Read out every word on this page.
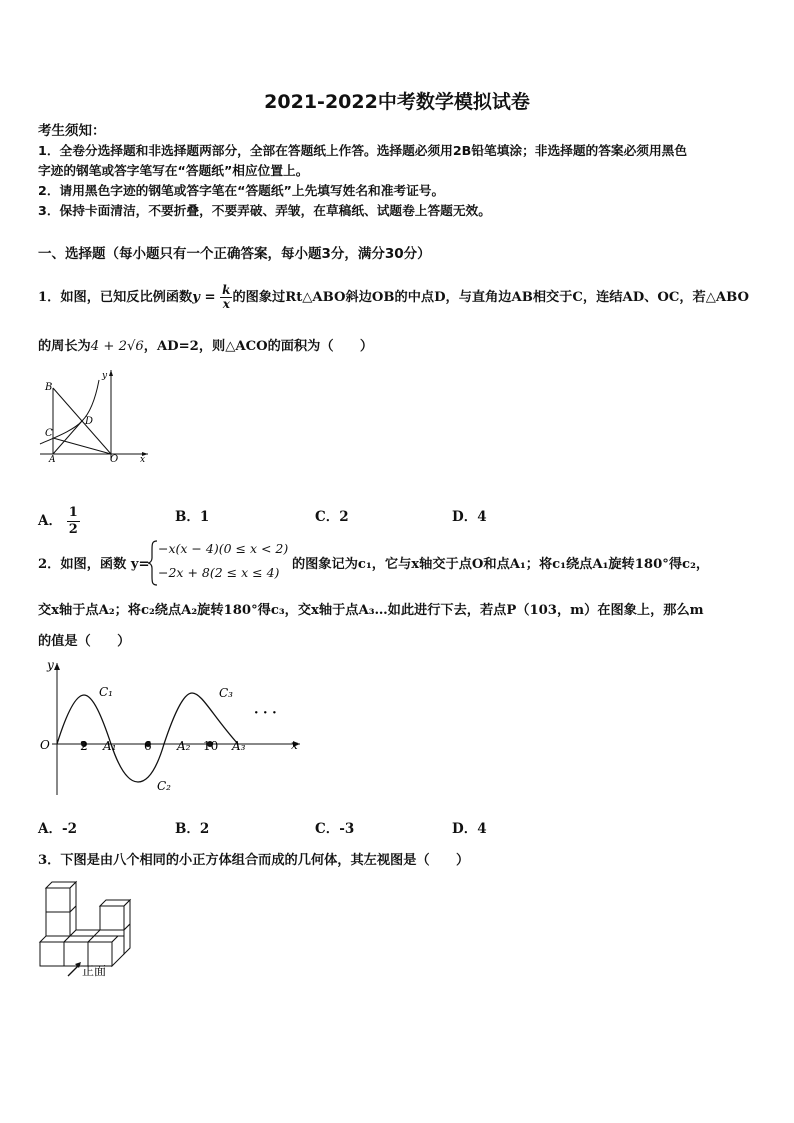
2021-2022中考数学模拟试卷
考生须知：
1．全卷分选择题和非选择题两部分，全部在答题纸上作答。选择题必须用2B铅笔填涂；非选择题的答案必须用黑色
字迹的钢笔或答字笔写在“答题纸”相应位置上。
2．请用黑色字迹的钢笔或答字笔在“答题纸”上先填写姓名和准考证号。
3．保持卡面清洁，不要折叠，不要弄破、弄皱，在草稿纸、试题卷上答题无效。
一、选择题（每小题只有一个正确答案，每小题3分，满分30分）
1．如图，已知反比例函数$y = \frac{k}{x}$ 的图象过Rt△ABO斜边OB的中点D，与直角边AB相交于C，连结AD、OC，若△ABO
的周长为4 + 2√6，AD=2，则△ACO的面积为（　　）
B
C
D
A	O x
y
A． $\frac{1}{2}$	B．1	C．2	D．4
2．如图，函数 y=
−x(x − 4)(0 ≤ x < 2)
−2x + 8(2 ≤ x ≤ 4)
的图象记为c₁，它与x轴交于点O和点A₁；将c₁绕点A₁旋转180°得c₂，
交x轴于点A₂；将c₂绕点A₂旋转180°得c₃，交x轴于点A₃…如此进行下去，若点P（103，m）在图象上，那么m
的值是（　　）
y
x
O	2	6	10
A₁	A₂	A₃
C₁
C₂
C₃
· · ·
A．-2	B．2	C．-3	D．4
3．下图是由八个相同的小正方体组合而成的几何体，其左视图是（　　）
正面
